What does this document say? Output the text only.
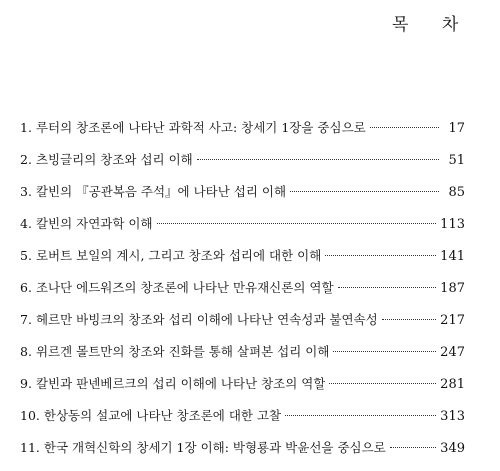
목 차
1. 루터의 창조론에 나타난 과학적 사고: 창세기 1장을 중심으로	17
2. 츠빙글리의 창조와 섭리 이해	51
3. 칼빈의 『공관복음 주석』에 나타난 섭리 이해	85
4. 칼빈의 자연과학 이해	113
5. 로버트 보일의 계시, 그리고 창조와 섭리에 대한 이해	141
6. 조나단 에드워즈의 창조론에 나타난 만유재신론의 역할	187
7. 헤르만 바빙크의 창조와 섭리 이해에 나타난 연속성과 불연속성	217
8. 위르겐 몰트만의 창조와 진화를 통해 살펴본 섭리 이해	247
9. 칼빈과 판넨베르크의 섭리 이해에 나타난 창조의 역할	281
10. 한상동의 설교에 나타난 창조론에 대한 고찰	313
11. 한국 개혁신학의 창세기 1장 이해: 박형룡과 박윤선을 중심으로	349
